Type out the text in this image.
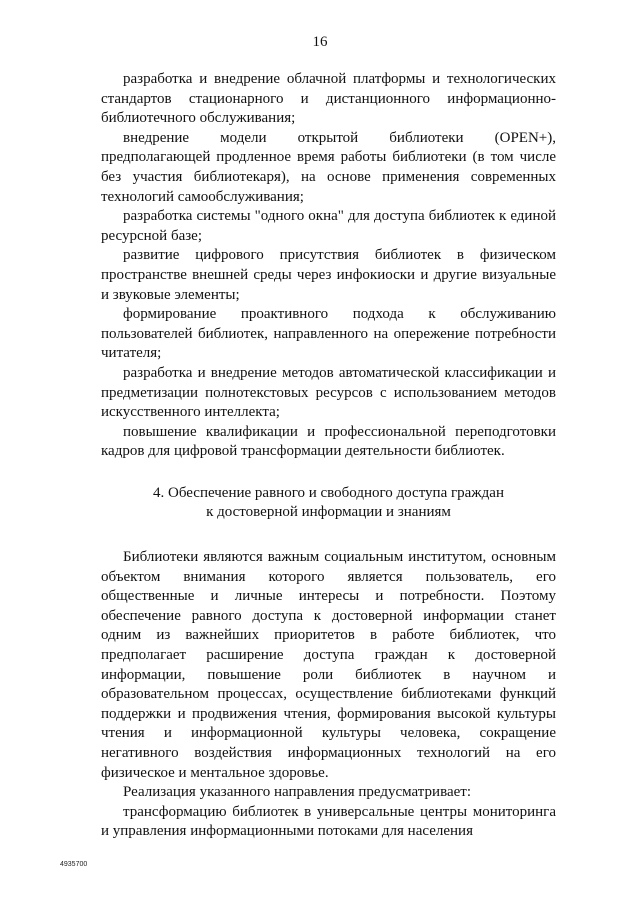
16

разработка и внедрение облачной платформы и технологических стандартов стационарного и дистанционного информационно-библиотечного обслуживания;

внедрение модели открытой библиотеки (OPEN+), предполагающей продленное время работы библиотеки (в том числе без участия библиотекаря), на основе применения современных технологий самообслуживания;

разработка системы "одного окна" для доступа библиотек к единой ресурсной базе;

развитие цифрового присутствия библиотек в физическом пространстве внешней среды через инфокиоски и другие визуальные и звуковые элементы;

формирование проактивного подхода к обслуживанию пользователей библиотек, направленного на опережение потребности читателя;

разработка и внедрение методов автоматической классификации и предметизации полнотекстовых ресурсов с использованием методов искусственного интеллекта;

повышение квалификации и профессиональной переподготовки кадров для цифровой трансформации деятельности библиотек.

4. Обеспечение равного и свободного доступа граждан
к достоверной информации и знаниям

Библиотеки являются важным социальным институтом, основным объектом внимания которого является пользователь, его общественные и личные интересы и потребности. Поэтому обеспечение равного доступа к достоверной информации станет одним из важнейших приоритетов в работе библиотек, что предполагает расширение доступа граждан к достоверной информации, повышение роли библиотек в научном и образовательном процессах, осуществление библиотеками функций поддержки и продвижения чтения, формирования высокой культуры чтения и информационной культуры человека, сокращение негативного воздействия информационных технологий на его физическое и ментальное здоровье.

Реализация указанного направления предусматривает:

трансформацию библиотек в универсальные центры мониторинга и управления информационными потоками для населения

4935700
